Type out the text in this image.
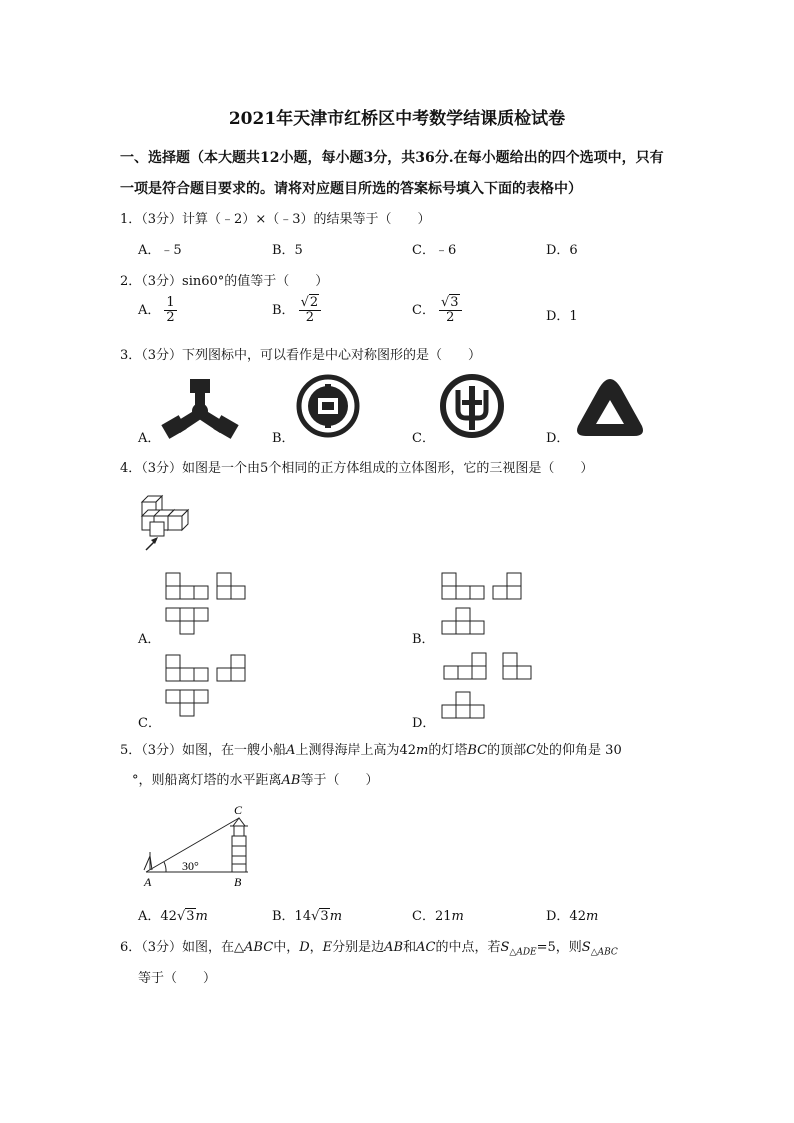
2021年天津市红桥区中考数学结课质检试卷
一、选择题（本大题共12小题，每小题3分，共36分.在每小题给出的四个选项中，只有
一项是符合题目要求的。请将对应题目所选的答案标号填入下面的表格中）
1．（3分）计算（﹣2）×（﹣3）的结果等于（　　）
A．﹣5	B．5	C．﹣6	D．6
2．（3分）sin60°的值等于（　　）
A． $\frac{1}{2}$	B． $\frac{√2}{2}$	C． $\frac{√3}{2}$	D．1
3．（3分）下列图标中，可以看作是中心对称图形的是（　　）
A．	B．	C．	D．
4．（3分）如图是一个由5个相同的正方体组成的立体图形，它的三视图是（　　）
A．	B．
C．	D．
5．（3分）如图，在一艘小船A上测得海岸上高为42m的灯塔BC的顶部C处的仰角是 30
°，则船离灯塔的水平距离AB等于（　　）
C
A	B
30°
A．42√3m	B．14√3m	C．21m	D．42m
6．（3分）如图，在△ABC中，D，E分别是边AB和AC的中点，若$S_{\triangle ADE}=5$，则$S_{\triangle ABC}$
等于（　　）
